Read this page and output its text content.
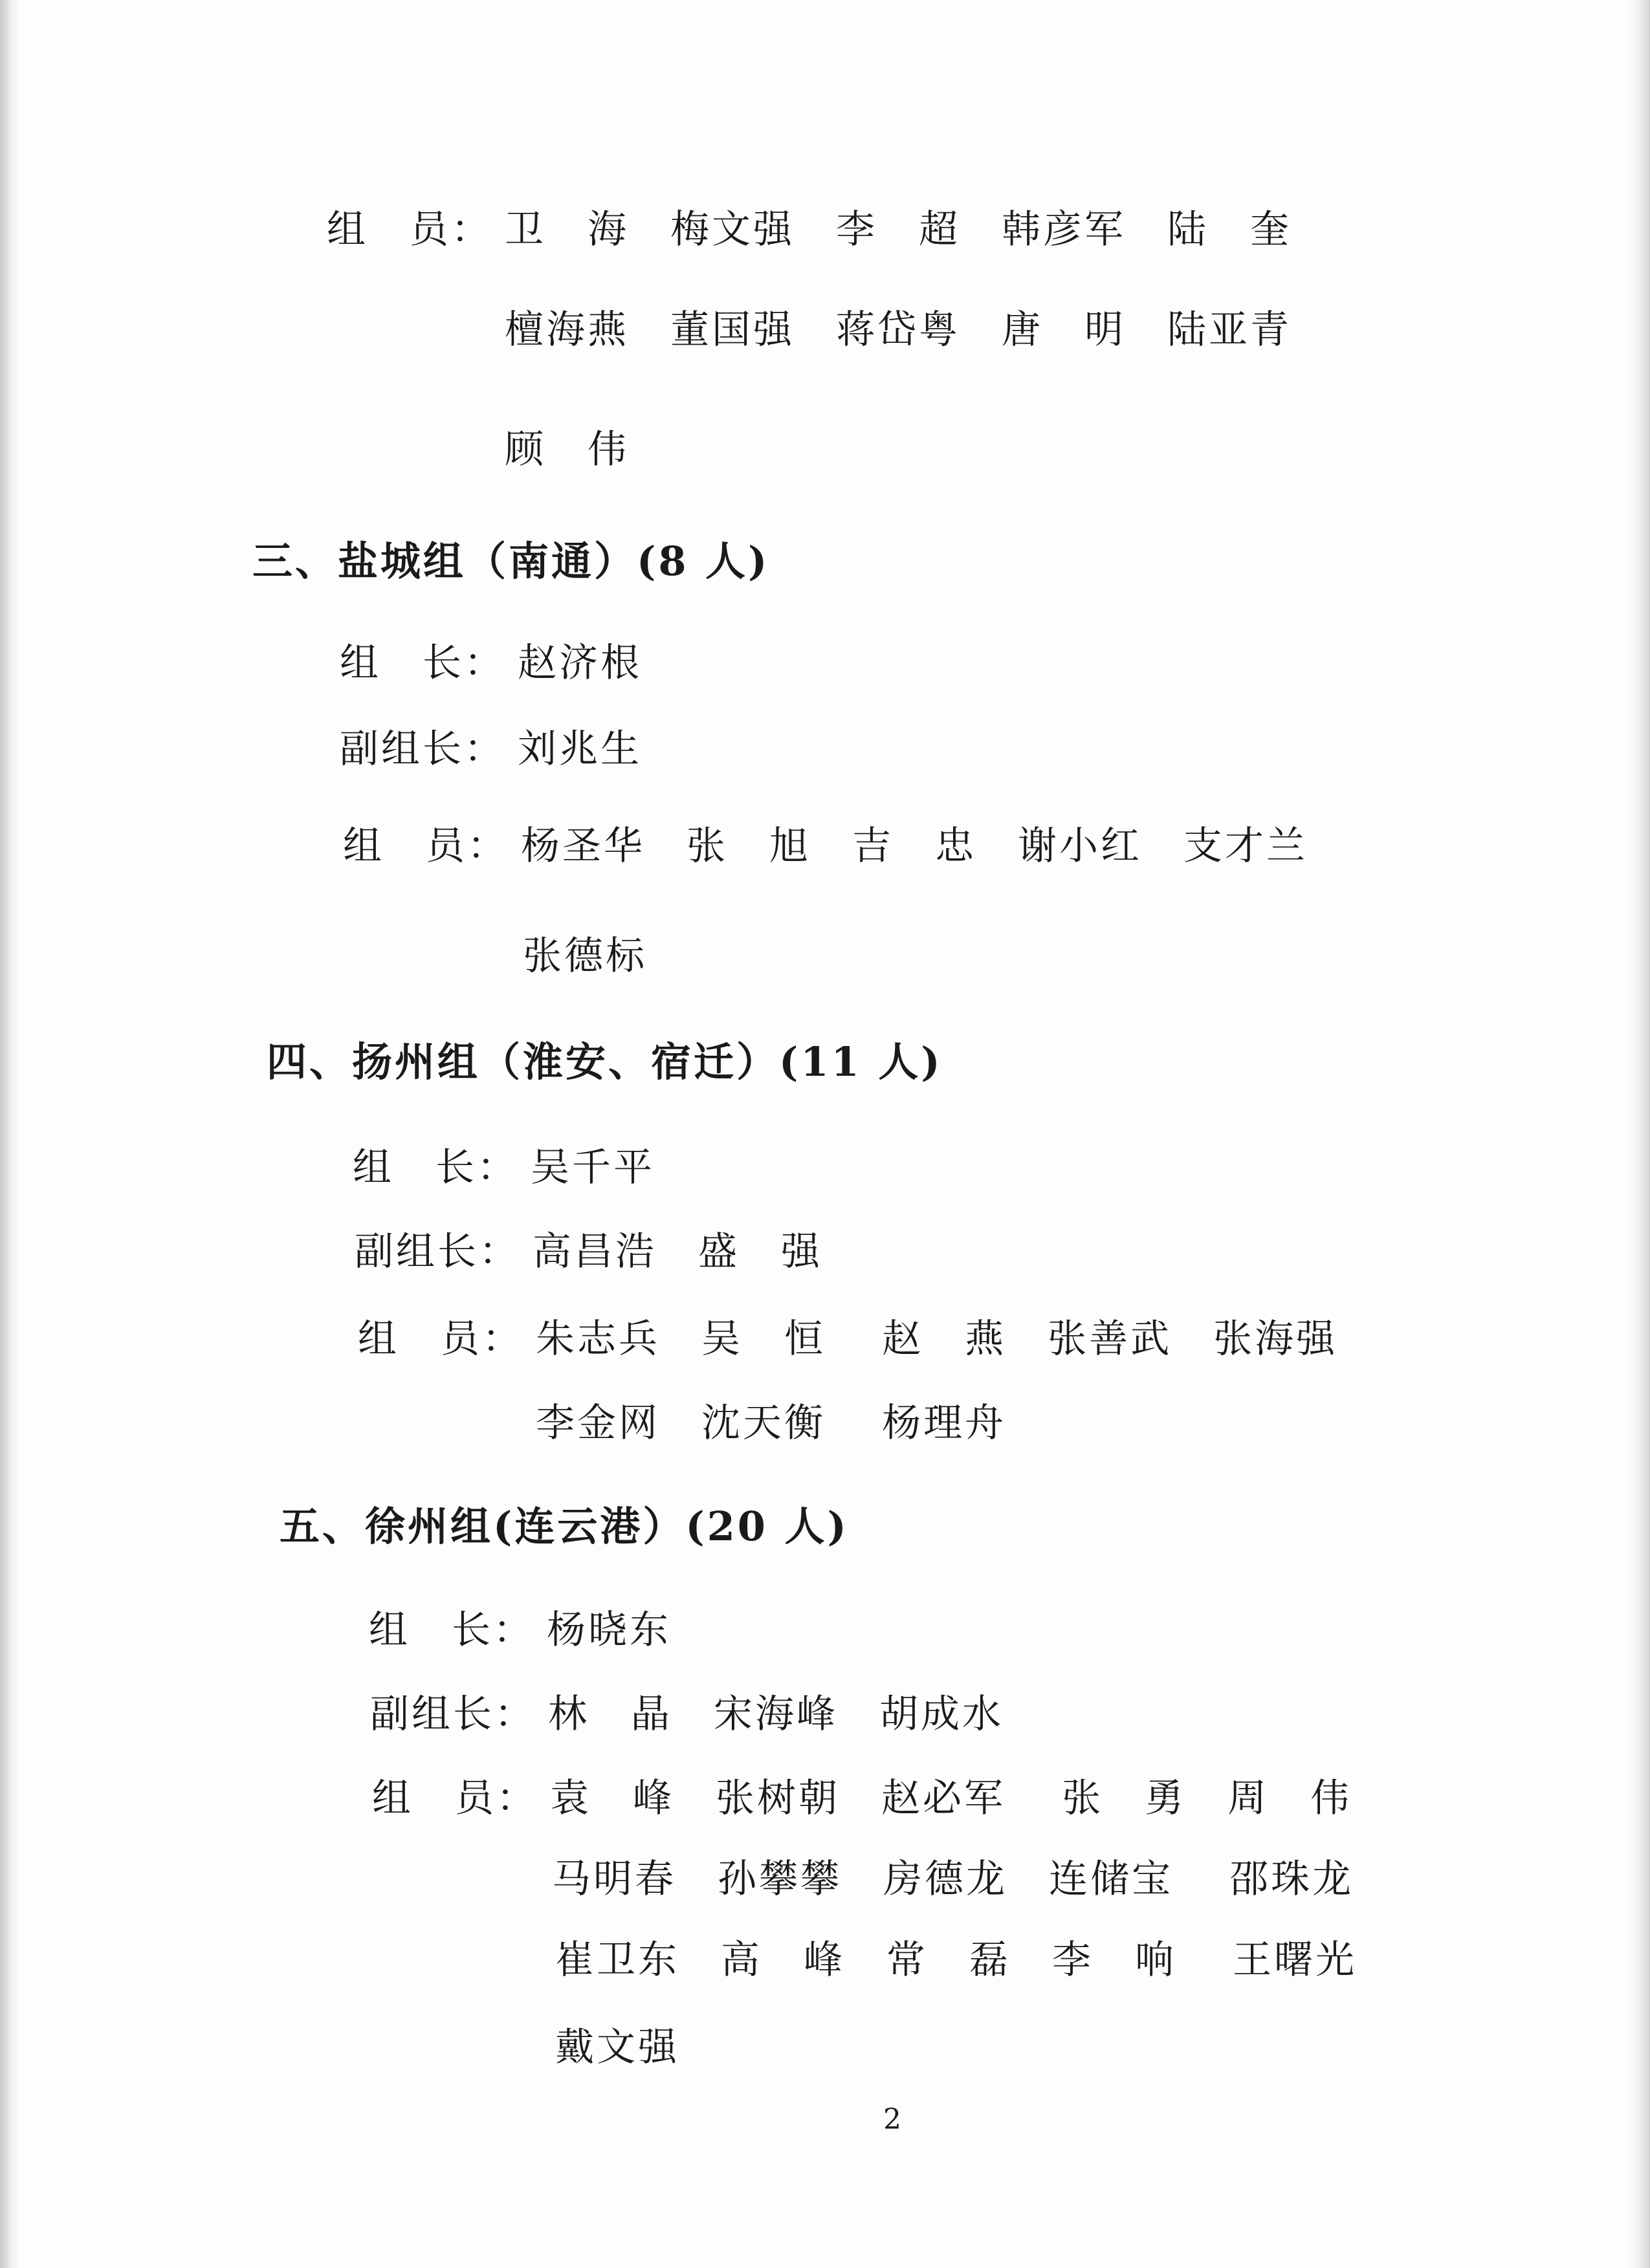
组　员： 卫　海　梅文强　李　超　韩彦军　陆　奎
檀海燕　董国强　蒋岱粤　唐　明　陆亚青
顾　伟
三、盐城组（南通）(8 人)
组　长： 赵济根
副组长： 刘兆生
组　员： 杨圣华　张　旭　吉　忠　谢小红　支才兰
张德标
四、扬州组（淮安、宿迁）(11 人)
组　长： 吴千平
副组长： 高昌浩　盛　强
组　员： 朱志兵　吴　恒　 赵　燕　张善武　张海强
李金网　沈天衡　 杨理舟
五、徐州组(连云港）(20 人)
组　长： 杨晓东
副组长： 林　晶　宋海峰　胡成水
组　员： 袁　峰　张树朝　赵必军　 张　勇　周　伟
马明春　孙攀攀　房德龙　连储宝　 邵珠龙
崔卫东　高　峰　常　磊　李　响　 王曙光
戴文强
2
